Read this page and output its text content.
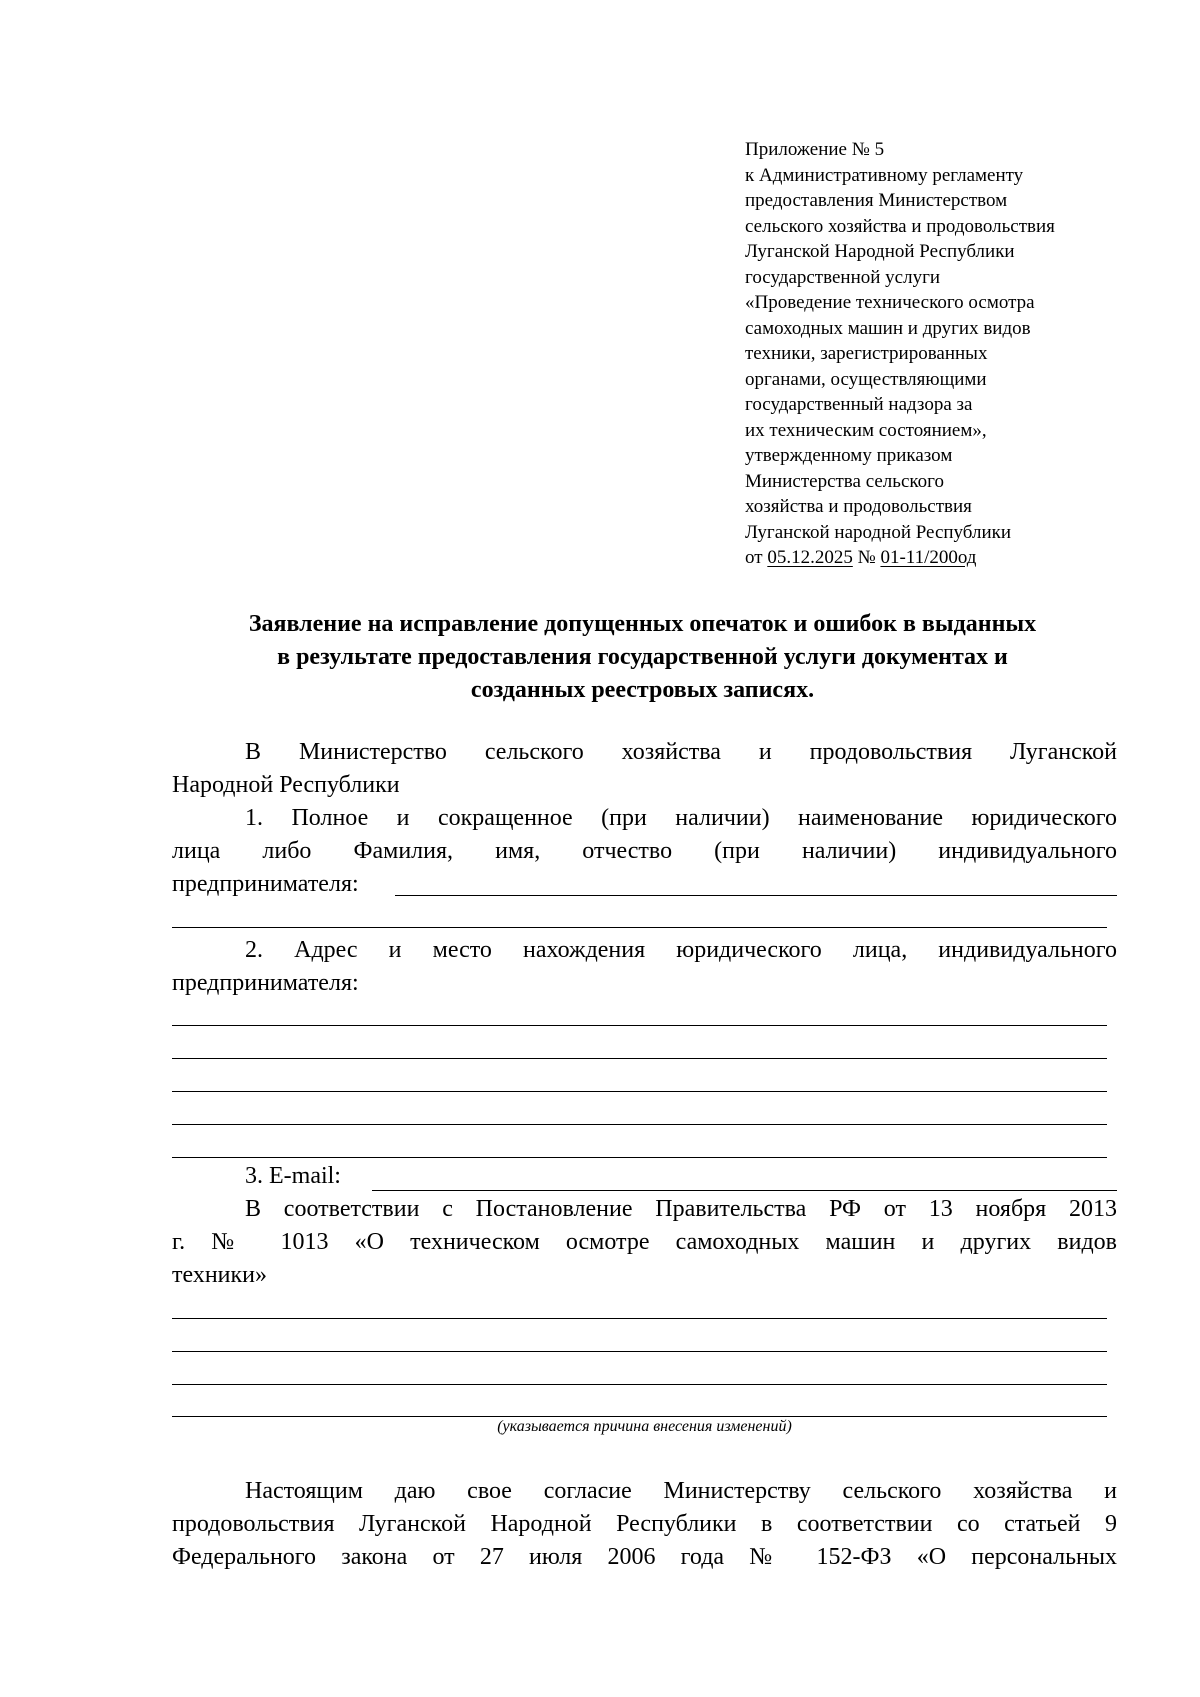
Приложение № 5
к Административному регламенту
предоставления Министерством
сельского хозяйства и продовольствия
Луганской Народной Республики
государственной услуги
«Проведение технического осмотра
самоходных машин и других видов
техники, зарегистрированных
органами, осуществляющими
государственный надзора за
их техническим состоянием»,
утвержденному приказом
Министерства сельского
хозяйства и продовольствия
Луганской народной Республики
от 05.12.2025 № 01-11/200од
Заявление на исправление допущенных опечаток и ошибок в выданных
в результате предоставления государственной услуги документах и
созданных реестровых записях.
В Министерство сельского хозяйства и продовольствия Луганской
Народной Республики
1. Полное и сокращенное (при наличии) наименование юридического
лица либо Фамилия, имя, отчество (при наличии) индивидуального
предпринимателя:
2. Адрес и место нахождения юридического лица, индивидуального
предпринимателя:
3. E-mail:
В соответствии с Постановление Правительства РФ от 13 ноября 2013
г. № 1013 «О техническом осмотре самоходных машин и других видов
техники»
(указывается причина внесения изменений)
Настоящим даю свое согласие Министерству сельского хозяйства и
продовольствия Луганской Народной Республики в соответствии со статьей 9
Федерального закона от 27 июля 2006 года № 152-ФЗ «О персональных
